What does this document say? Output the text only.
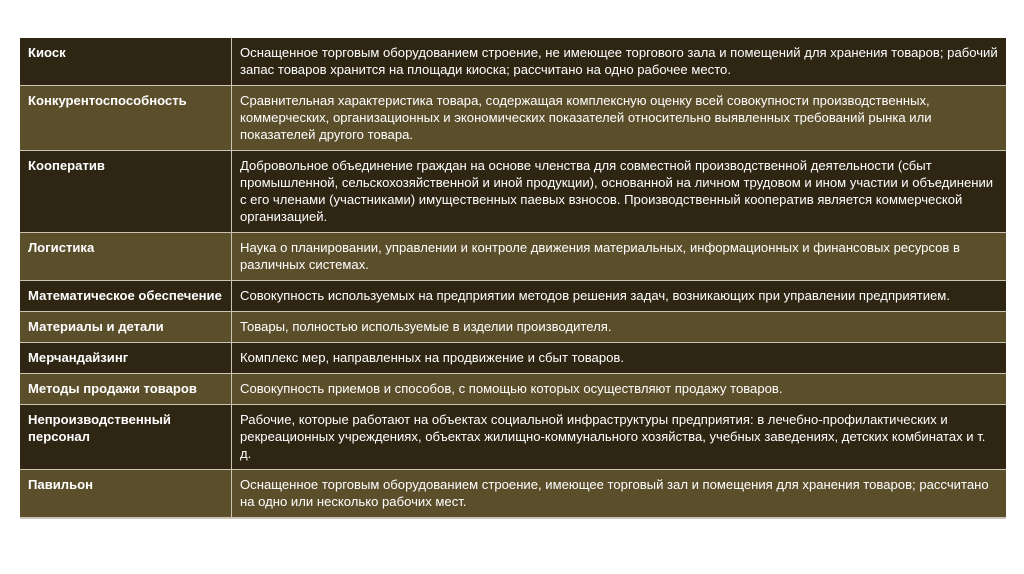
Киоск	Оснащенное торговым оборудованием строение, не имеющее торгового зала и помещений для хранения товаров; рабочий запас товаров хранится на площади киоска; рассчитано на одно рабочее место.
Конкурентоспособность	Сравнительная характеристика товара, содержащая комплексную оценку всей совокупности производственных, коммерческих, организационных и экономических показателей относительно выявленных требований рынка или показателей другого товара.
Кооператив	Добровольное объединение граждан на основе членства для совместной производственной деятельности (сбыт промышленной, сельскохозяйственной и иной продукции), основанной на личном трудовом и ином участии и объединении с его членами (участниками) имущественных паевых взносов. Производственный кооператив является коммерческой организацией.
Логистика	Наука о планировании, управлении и контроле движения материальных, информационных и финансовых ресурсов в различных системах.
Математическое обеспечение	Совокупность используемых на предприятии методов решения задач, возникающих при управлении предприятием.
Материалы и детали	Товары, полностью используемые в изделии производителя.
Мерчандайзинг	Комплекс мер, направленных на продвижение и сбыт товаров.
Методы продажи товаров	Совокупность приемов и способов, с помощью которых осуществляют продажу товаров.
Непроизводственный персонал	Рабочие, которые работают на объектах социальной инфраструктуры предприятия: в лечебно-профилактических и рекреационных учреждениях, объектах жилищно-коммунального хозяйства, учебных заведениях, детских комбинатах и т. д.
Павильон	Оснащенное торговым оборудованием строение, имеющее торговый зал и помещения для хранения товаров; рассчитано на одно или несколько рабочих мест.
